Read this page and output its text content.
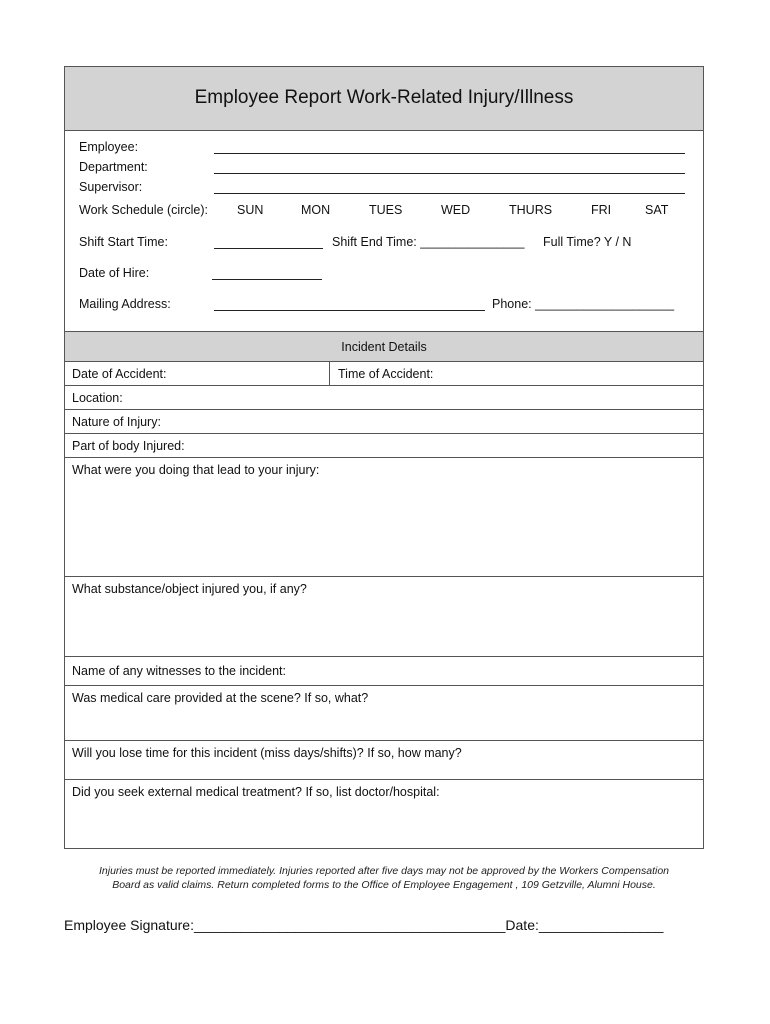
Employee Report Work-Related Injury/Illness
Employee:
Department:
Supervisor:
Work Schedule (circle): SUN	MON	TUES	WED	THURS	FRI	SAT
Shift Start Time:	Shift End Time: _______________ Full Time? Y / N
Date of Hire:
Mailing Address:	Phone: ____________________
Incident Details
Date of Accident:	Time of Accident:
Location:
Nature of Injury:
Part of body Injured:
What were you doing that lead to your injury:
What substance/object injured you, if any?
Name of any witnesses to the incident:
Was medical care provided at the scene? If so, what?
Will you lose time for this incident (miss days/shifts)? If so, how many?
Did you seek external medical treatment? If so, list doctor/hospital:
Injuries must be reported immediately. Injuries reported after five days may not be approved by the Workers Compensation
Board as valid claims. Return completed forms to the Office of Employee Engagement , 109 Getzville, Alumni House.
Employee Signature:________________________________________Date:________________
